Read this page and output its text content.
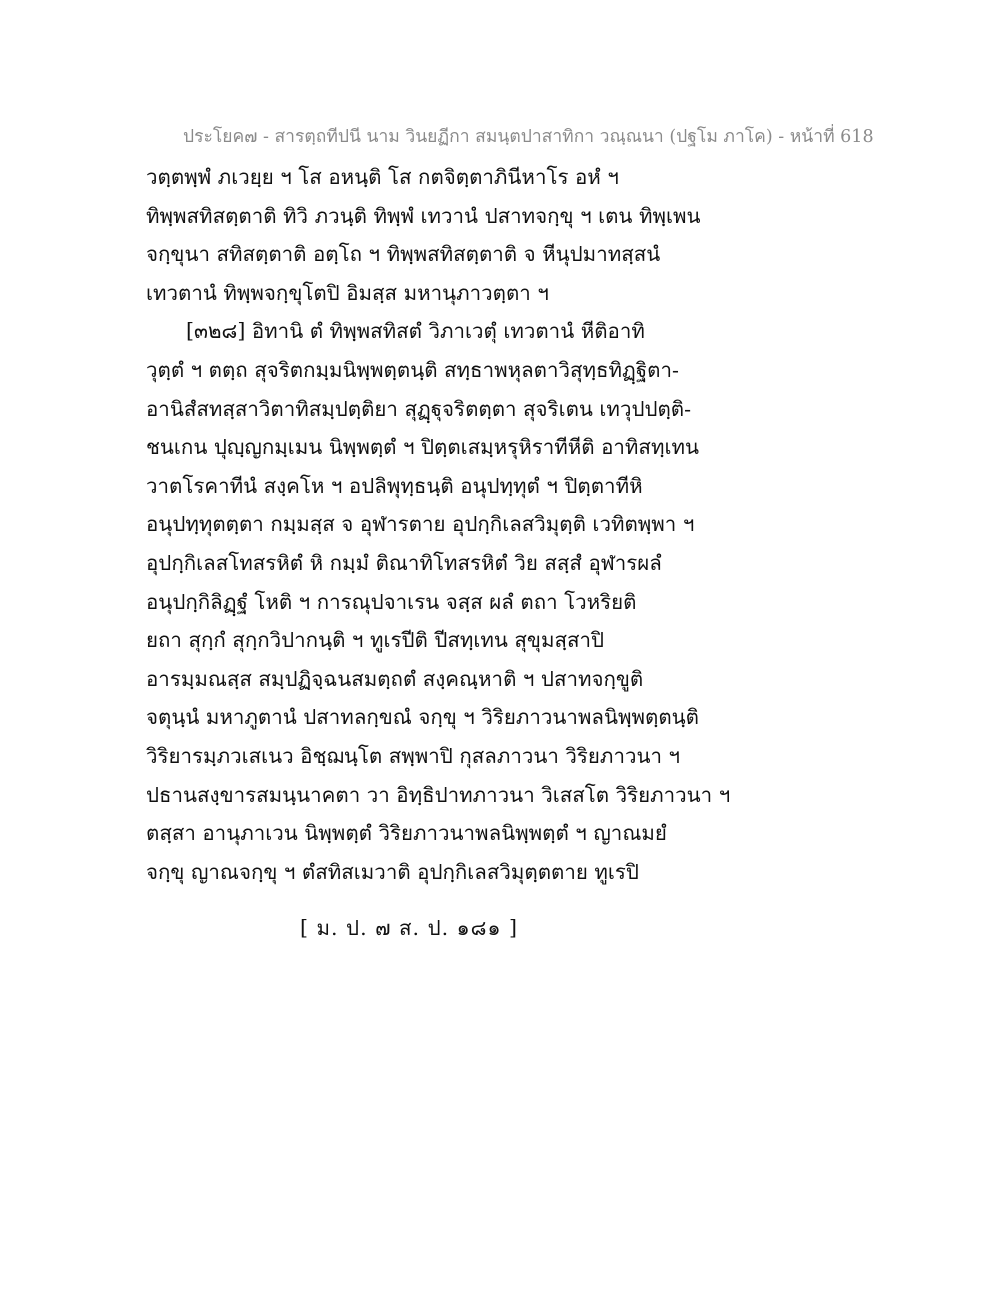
ประโยค๗ - สารตฺถทีปนี นาม วินยฏีกา สมนฺตปาสาทิกา วณฺณนา (ปฐโม ภาโค) - หน้าที่ 618
วตฺตพฺพํ ภเวยฺย ฯ โส อหนฺติ โส กตจิตฺตาภินีหาโร อหํ ฯ
ทิพฺพสทิสตฺตาติ ทิวิ ภวนฺติ ทิพฺพํ เทวานํ ปสาทจกฺขุ ฯ เตน ทิพฺเพน
จกฺขุนา สทิสตฺตาติ อตฺโถ ฯ ทิพฺพสทิสตฺตาติ จ หีนุปมาทสฺสนํ
เทวตานํ ทิพฺพจกฺขุโตปิ อิมสฺส มหานุภาวตฺตา ฯ
[๓๒๘] อิทานิ ตํ ทิพฺพสทิสตํ วิภาเวตุํ เทวตานํ หีติอาทิ
วุตฺตํ ฯ ตตฺถ สุจริตกมฺมนิพฺพตฺตนฺติ สทฺธาพหุลตาวิสุทฺธทิฏฺฐิตา-
อานิสํสทสฺสาวิตาทิสมฺปตฺติยา สุฏฺฐุจริตตฺตา สุจริเตน เทวุปปตฺติ-
ชนเกน ปุญฺญกมฺเมน นิพฺพตฺตํ ฯ ปิตฺตเสมฺหรุหิราทีหีติ อาทิสทฺเทน
วาตโรคาทีนํ สงฺคโห ฯ อปลิพุทฺธนฺติ อนุปทฺทุตํ ฯ ปิตฺตาทีหิ
อนุปทฺทุตตฺตา กมฺมสฺส จ อุฬารตาย อุปกฺกิเลสวิมุตฺติ เวทิตพฺพา ฯ
อุปกฺกิเลสโทสรหิตํ หิ กมฺมํ ติณาทิโทสรหิตํ วิย สสฺสํ อุฬารผลํ
อนุปกฺกิลิฏฺฐํ โหติ ฯ การณุปจาเรน จสฺส ผลํ ตถา โวหริยติ
ยถา สุกฺกํ สุกฺกวิปากนฺติ ฯ ทูเรปีติ ปีสทฺเทน สุขุมสฺสาปิ
อารมฺมณสฺส สมฺปฏิจฺฉนสมตฺถตํ สงฺคณฺหาติ ฯ ปสาทจกฺขูติ
จตุนฺนํ มหาภูตานํ ปสาทลกฺขณํ จกฺขุ ฯ วิริยภาวนาพลนิพฺพตฺตนฺติ
วิริยารมฺภวเสเนว อิชฺฌนฺโต สพฺพาปิ กุสลภาวนา วิริยภาวนา ฯ
ปธานสงฺขารสมนฺนาคตา วา อิทฺธิปาทภาวนา วิเสสโต วิริยภาวนา ฯ
ตสฺสา อานุภาเวน นิพฺพตฺตํ วิริยภาวนาพลนิพฺพตฺตํ ฯ ญาณมยํ
จกฺขุ ญาณจกฺขุ ฯ ตํสทิสเมวาติ อุปกฺกิเลสวิมุตฺตตาย ทูเรปิ
[ ม. ป. ๗ ส. ป. ๑๘๑ ]
